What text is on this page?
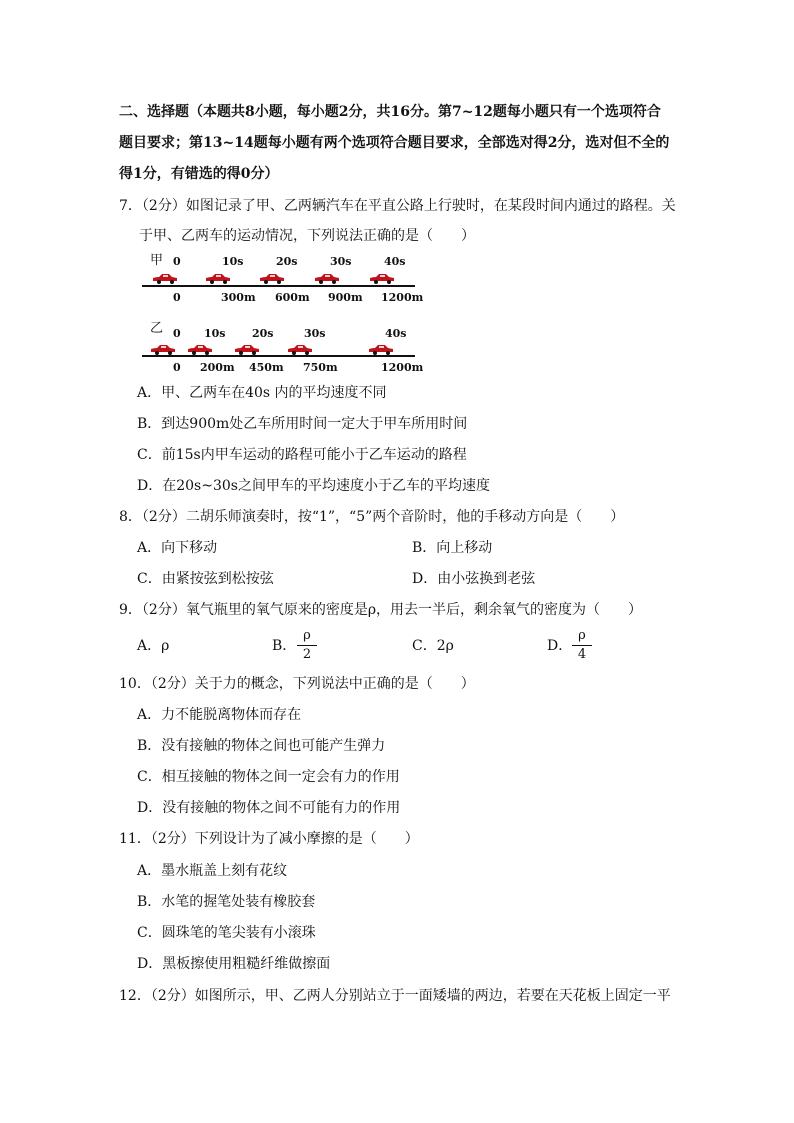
二、选择题（本题共8小题，每小题2分，共16分。第7~12题每小题只有一个选项符合
题目要求；第13~14题每小题有两个选项符合题目要求，全部选对得2分，选对但不全的
得1分，有错选的得0分）
7．（2分）如图记录了甲、乙两辆汽车在平直公路上行驶时，在某段时间内通过的路程。关
于甲、乙两车的运动情况，下列说法正确的是（　　）
甲 0	10s	20s	30s	40s
0	300m 600m 900m 1200m
乙 0 10s 20s	30s	40s
0 200m 450m 750m	1200m
A．甲、乙两车在40s 内的平均速度不同
B．到达900m处乙车所用时间一定大于甲车所用时间
C．前15s内甲车运动的路程可能小于乙车运动的路程
D．在20s~30s之间甲车的平均速度小于乙车的平均速度
8．（2分）二胡乐师演奏时，按“1”，“5”两个音阶时，他的手移动方向是（　　）
A．向下移动	B．向上移动
C．由紧按弦到松按弦	D．由小弦换到老弦
9．（2分）氧气瓶里的氧气原来的密度是ρ，用去一半后，剩余氧气的密度为（　　）
A．ρ	B．
ρ
2
C．2ρ	D．
ρ
4
10．（2分）关于力的概念，下列说法中正确的是（　　）
A．力不能脱离物体而存在
B．没有接触的物体之间也可能产生弹力
C．相互接触的物体之间一定会有力的作用
D．没有接触的物体之间不可能有力的作用
11．（2分）下列设计为了减小摩擦的是（　　）
A．墨水瓶盖上刻有花纹
B．水笔的握笔处装有橡胶套
C．圆珠笔的笔尖装有小滚珠
D．黑板擦使用粗糙纤维做擦面
12．（2分）如图所示，甲、乙两人分别站立于一面矮墙的两边，若要在天花板上固定一平
